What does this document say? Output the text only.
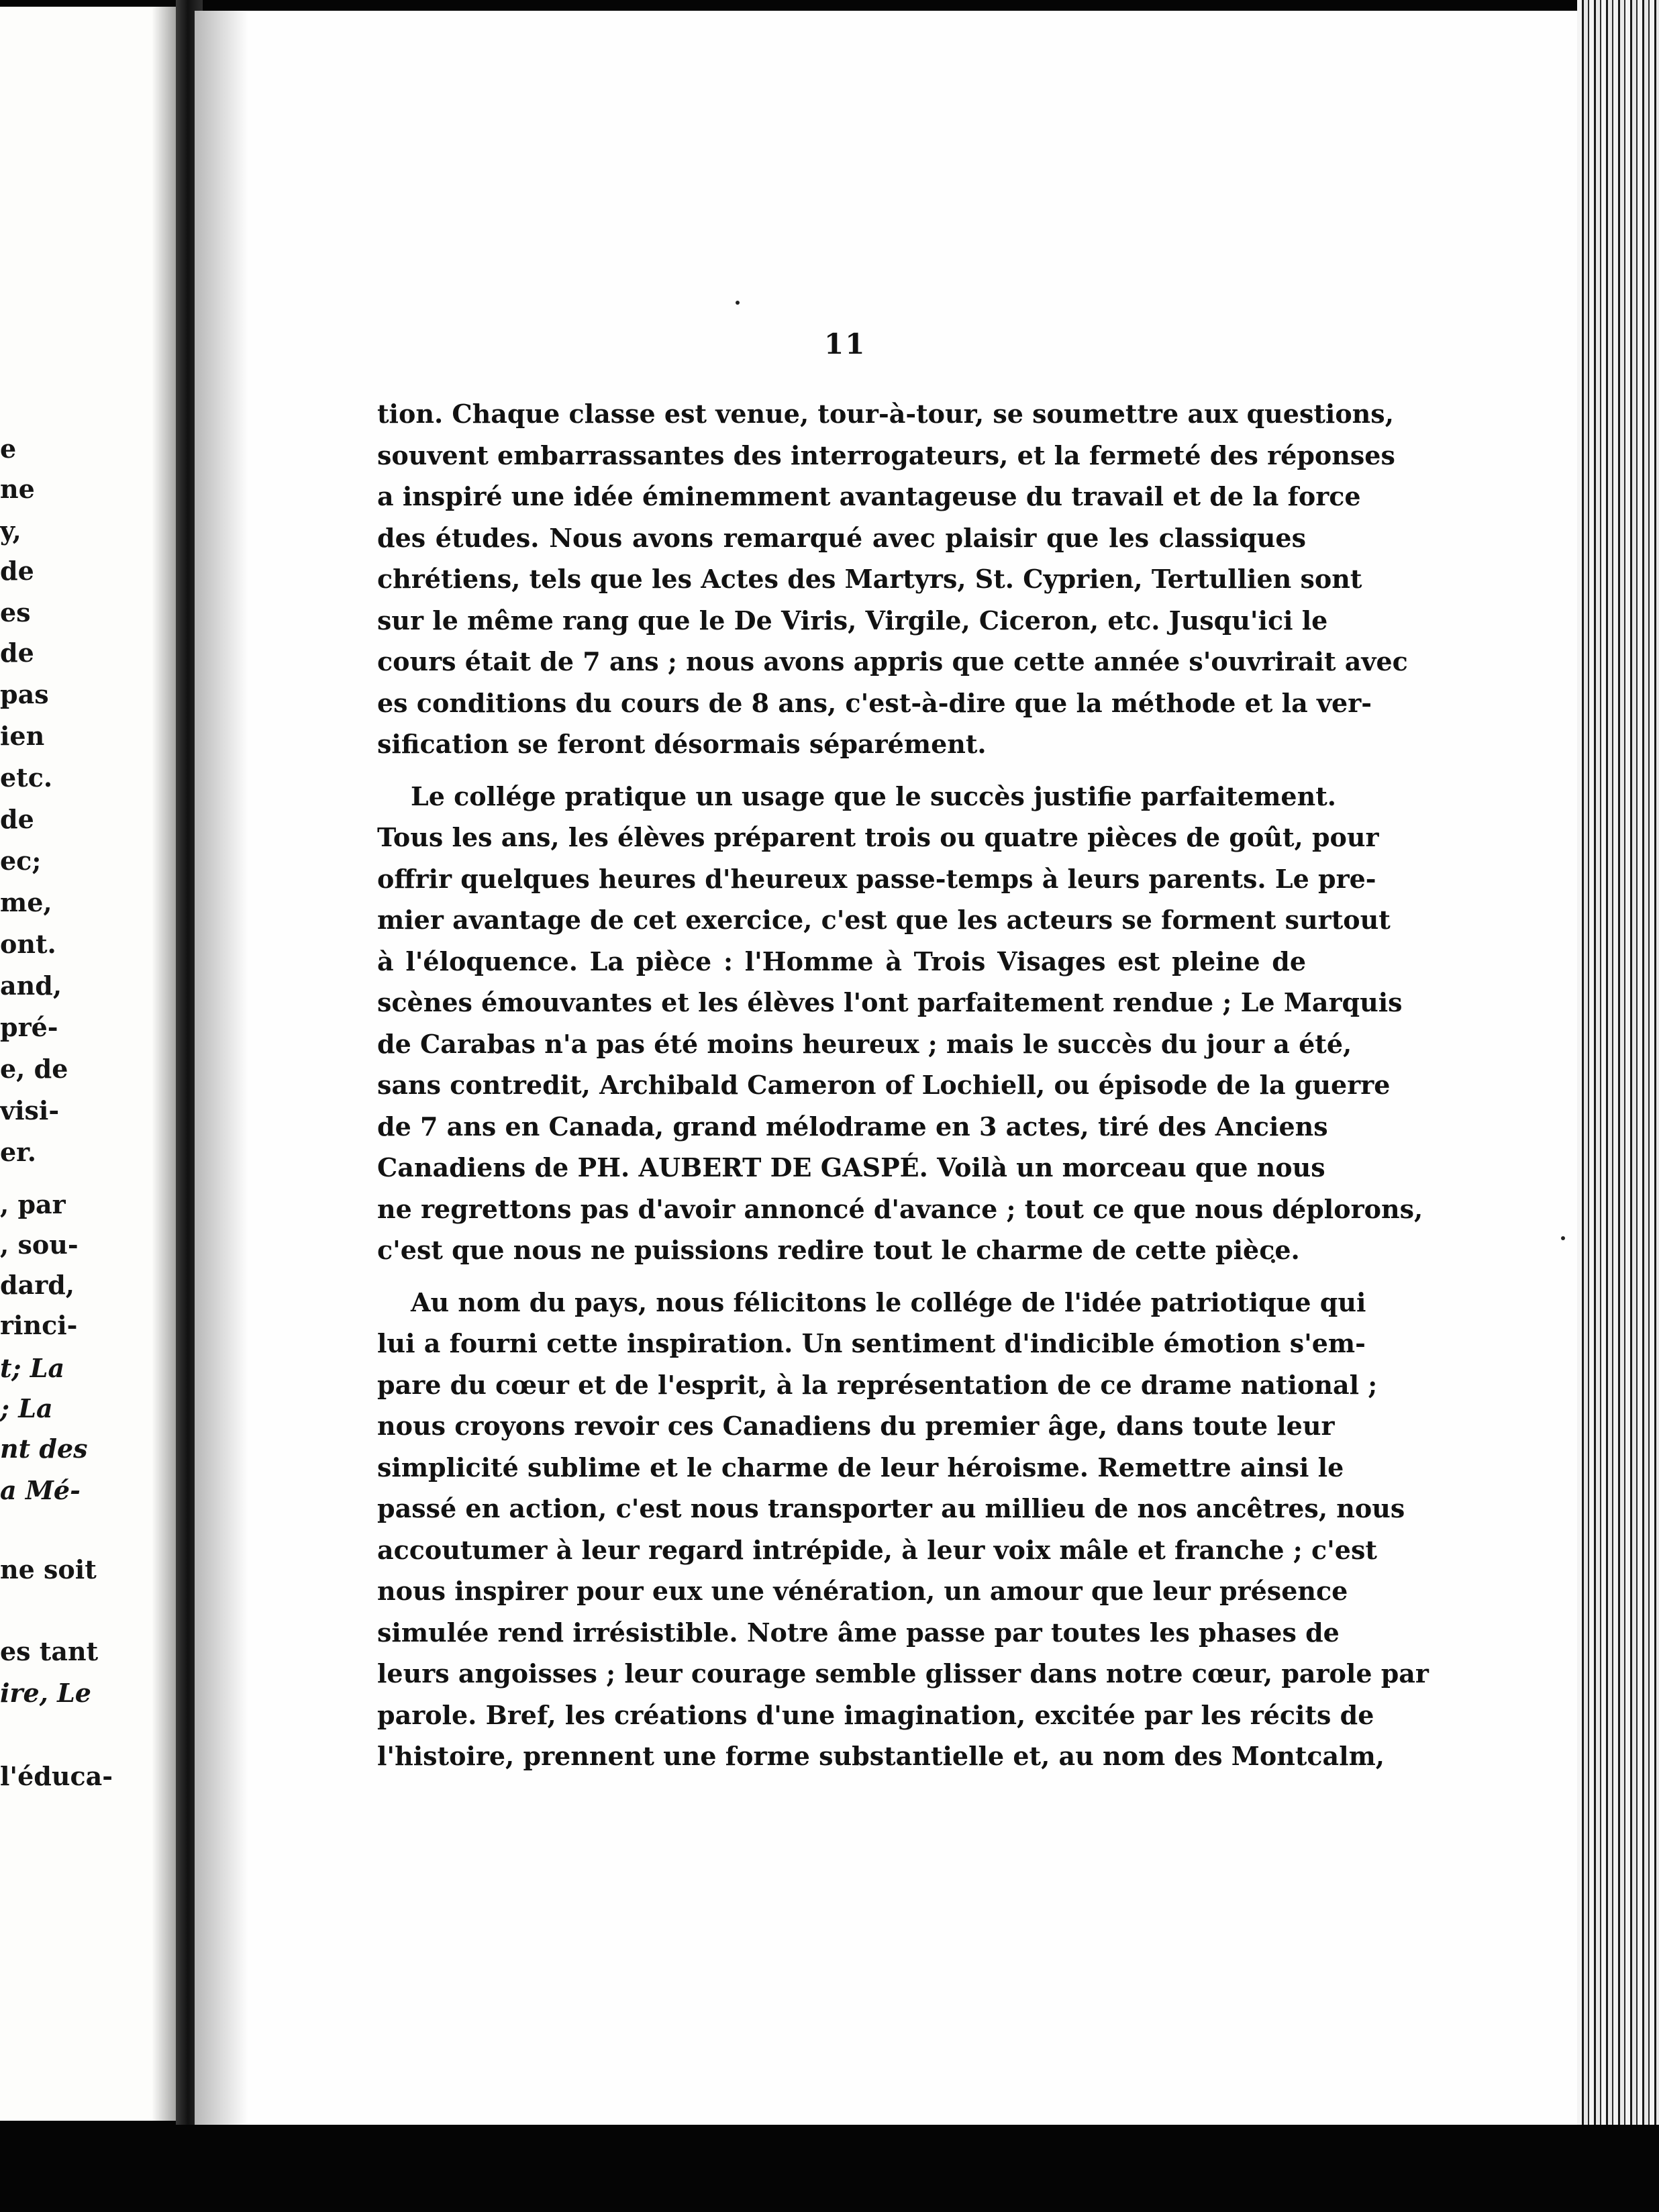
e
ne
y,
de
es
de
pas
ien
etc.
de
ec;
me,
ont.
and,
pré-
e, de
visi-
er.
, par
, sou-
dard,
rinci-
t; La
; La
nt des
a Mé-
ne soit
es tant
ire, Le
l'éduca-
11

tion. Chaque classe est venue, tour-à-tour, se soumettre aux questions,
souvent embarrassantes des interrogateurs, et la fermeté des réponses
a inspiré une idée éminemment avantageuse du travail et de la force
des études. Nous avons remarqué avec plaisir que les classiques
chrétiens, tels que les Actes des Martyrs, St. Cyprien, Tertullien sont
sur le même rang que le De Viris, Virgile, Ciceron, etc. Jusqu'ici le
cours était de 7 ans ; nous avons appris que cette année s'ouvrirait avec
es conditions du cours de 8 ans, c'est-à-dire que la méthode et la ver-
sification se feront désormais séparément.

Le collége pratique un usage que le succès justifie parfaitement.
Tous les ans, les élèves préparent trois ou quatre pièces de goût, pour
offrir quelques heures d'heureux passe-temps à leurs parents. Le pre-
mier avantage de cet exercice, c'est que les acteurs se forment surtout
à l'éloquence. La pièce : l'Homme à Trois Visages est pleine de
scènes émouvantes et les élèves l'ont parfaitement rendue ; Le Marquis
de Carabas n'a pas été moins heureux ; mais le succès du jour a été,
sans contredit, Archibald Cameron of Lochiell, ou épisode de la guerre
de 7 ans en Canada, grand mélodrame en 3 actes, tiré des Anciens
Canadiens de PH. AUBERT DE GASPÉ. Voilà un morceau que nous
ne regrettons pas d'avoir annoncé d'avance ; tout ce que nous déplorons,
c'est que nous ne puissions redire tout le charme de cette pièce.

Au nom du pays, nous félicitons le collége de l'idée patriotique qui
lui a fourni cette inspiration. Un sentiment d'indicible émotion s'em-
pare du cœur et de l'esprit, à la représentation de ce drame national ;
nous croyons revoir ces Canadiens du premier âge, dans toute leur
simplicité sublime et le charme de leur héroisme. Remettre ainsi le
passé en action, c'est nous transporter au millieu de nos ancêtres, nous
accoutumer à leur regard intrépide, à leur voix mâle et franche ; c'est
nous inspirer pour eux une vénération, un amour que leur présence
simulée rend irrésistible. Notre âme passe par toutes les phases de
leurs angoisses ; leur courage semble glisser dans notre cœur, parole par
parole. Bref, les créations d'une imagination, excitée par les récits de
l'histoire, prennent une forme substantielle et, au nom des Montcalm,
